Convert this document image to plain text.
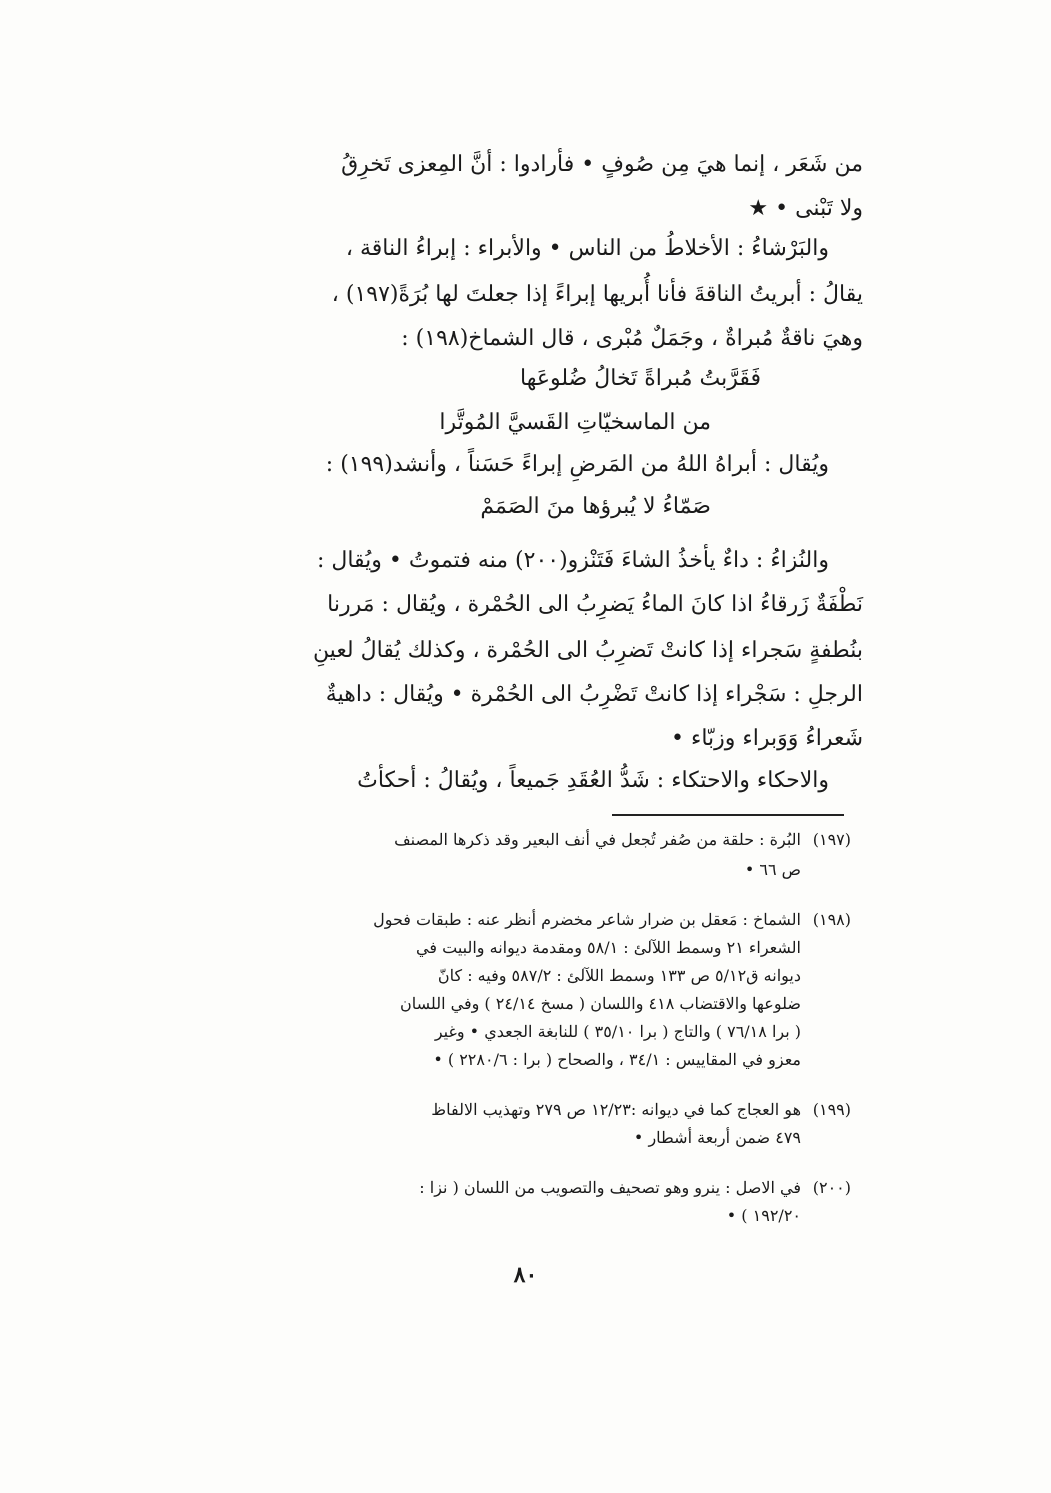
من شَعَر ، إنما هيَ مِن صُوفٍ • فأرادوا : أنَّ المِعزى تَخرِقُ
ولا تَبْنى • ★
والبَرْشاءُ : الأخلاطُ من الناس • والأبراء : إبراءُ الناقة ،
يقالُ : أبريتُ الناقةَ فأنا أُبريها إبراءً إذا جعلتَ لها بُرَةً(١٩٧) ،
وهيَ ناقةٌ مُبراةٌ ، وجَمَلٌ مُبْرى ، قال الشماخ(١٩٨) :
فَقَرَّبتُ مُبراةً تَخالُ ضُلوعَها
من الماسخيّاتِ القَسيَّ المُوتَّرا
ويُقال : أبراهُ اللهُ من المَرضِ إبراءً حَسَناً ، وأنشد(١٩٩) :
صَمّاءُ لا يُبرؤها منَ الصَمَمْ
والنُزاءُ : داءٌ يأخذُ الشاءَ فَتَنْزو(٢٠٠) منه فتموتُ • ويُقال :
نَطْفَةٌ زَرقاءُ اذا كانَ الماءُ يَضرِبُ الى الحُمْرة ، ويُقال : مَررنا
بنُطفةٍ سَجراء إذا كانتْ تَضرِبُ الى الحُمْرة ، وكذلك يُقالُ لعينِ
الرجلِ : سَجْراء إذا كانتْ تَضْرِبُ الى الحُمْرة • ويُقال : داهيةٌ
شَعراءُ وَوَبراء وزبّاء •
والاحكاء والاحتكاء : شَدُّ العُقَدِ جَميعاً ، ويُقالُ : أحكأتُ
(١٩٧)
البُرة : حلقة من صُفر تُجعل في أنف البعير وقد ذكرها المصنف
ص ٦٦ •
(١٩٨)
الشماخ : مَعقل بن ضرار شاعر مخضرم أنظر عنه : طبقات فحول
الشعراء ٢١ وسمط اللآلئ : ٥٨/١ ومقدمة ديوانه والبيت في
ديوانه ق٥/١٢ ص ١٣٣ وسمط اللآلئ : ٥٨٧/٢ وفيه : كانّ
ضلوعها والاقتضاب ٤١٨ واللسان ( مسخ ٢٤/١٤ ) وفي اللسان
( برا ٧٦/١٨ ) والتاج ( برا ٣٥/١٠ ) للنابغة الجعدي • وغير
معزو في المقاييس : ٣٤/١ ، والصحاح ( برا : ٢٢٨٠/٦ ) •
(١٩٩)
هو العجاج كما في ديوانه :١٢/٢٣ ص ٢٧٩ وتهذيب الالفاظ
٤٧٩ ضمن أربعة أشطار •
(٢٠٠)
في الاصل : ينرو وهو تصحيف والتصويب من اللسان ( نزا :
١٩٢/٢٠ ) •
٨٠
